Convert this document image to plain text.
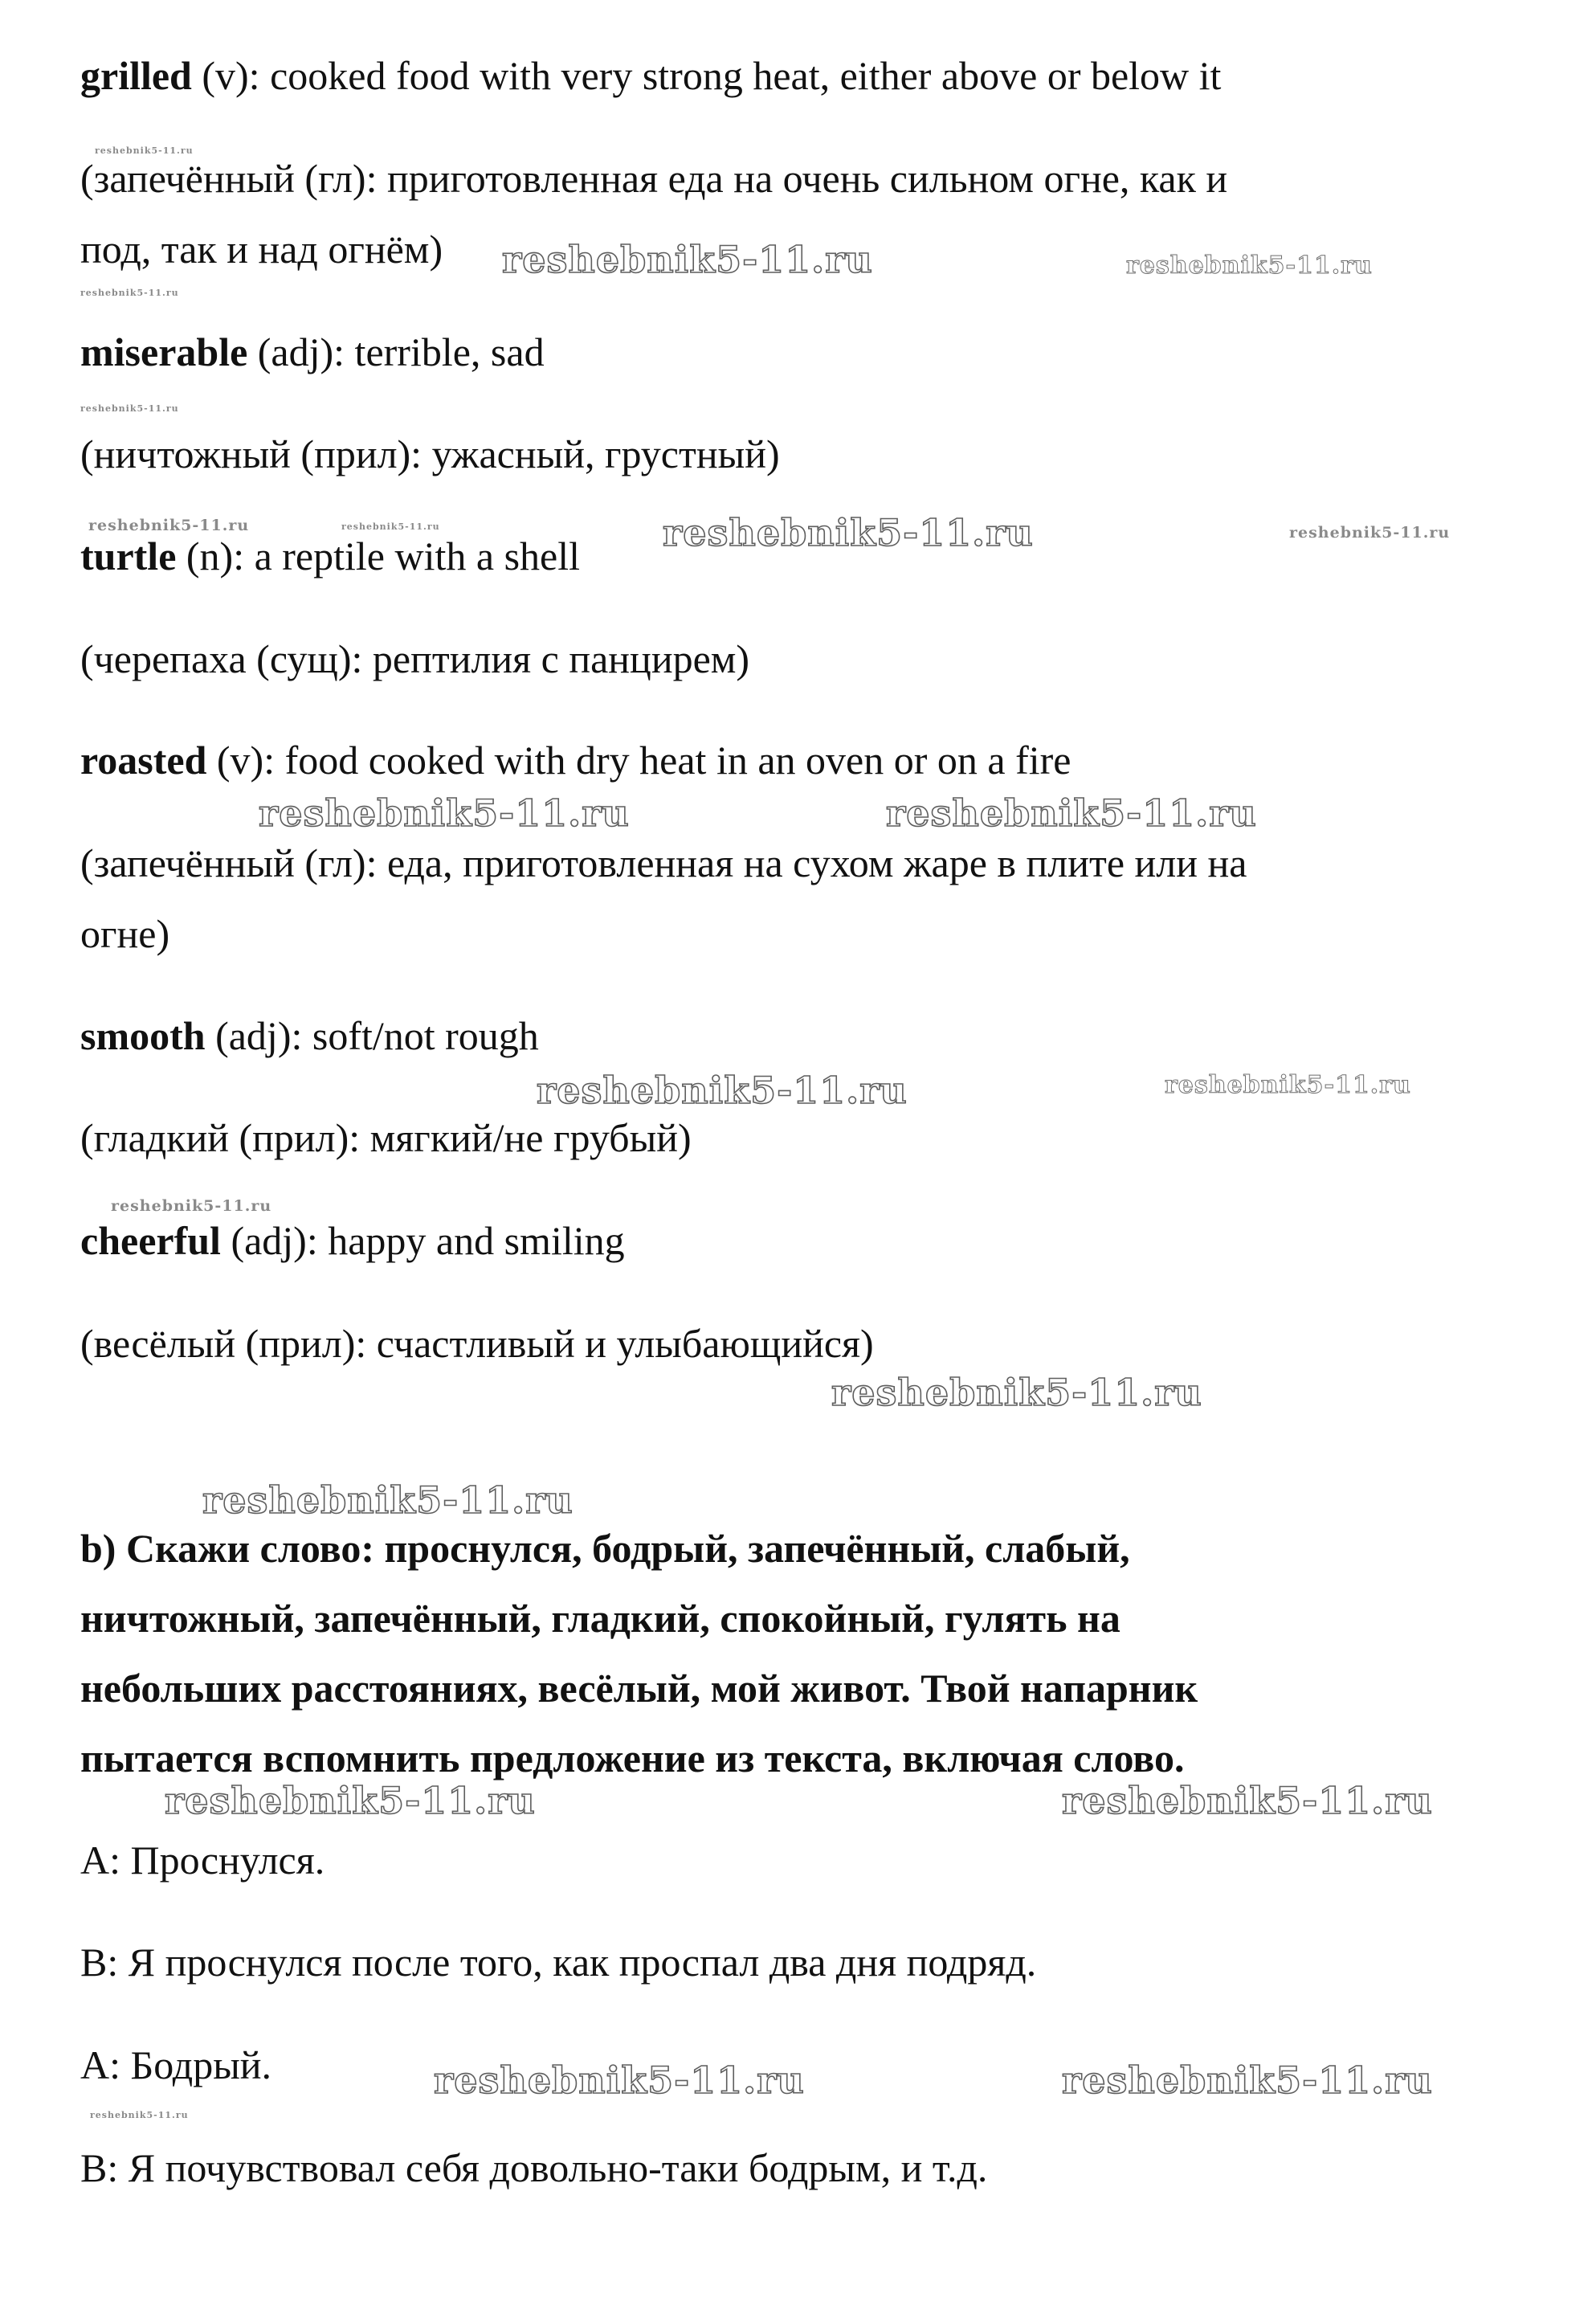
reshebnik5-11.ru
reshebnik5-11.ru	reshebnik5-11.ru
reshebnik5-11.ru
reshebnik5-11.ru
reshebnik5-11.ru	reshebnik5-11.ru	reshebnik5-11.ru	reshebnik5-11.ru
reshebnik5-11.ru	reshebnik5-11.ru
reshebnik5-11.ru	reshebnik5-11.ru
reshebnik5-11.ru
reshebnik5-11.ru
reshebnik5-11.ru
reshebnik5-11.ru	reshebnik5-11.ru
reshebnik5-11.ru	reshebnik5-11.ru
reshebnik5-11.ru

grilled (v): cooked food with very strong heat, either above or below it

(запечённый (гл): приготовленная еда на очень сильном огне, как и

под, так и над огнём)

miserable (adj): terrible, sad

(ничтожный (прил): ужасный, грустный)

turtle (n): a reptile with a shell

(черепаха (сущ): рептилия с панцирем)

roasted (v): food cooked with dry heat in an oven or on a fire

(запечённый (гл): еда, приготовленная на сухом жаре в плите или на

огне)

smooth (adj): soft/not rough

(гладкий (прил): мягкий/не грубый)

cheerful (adj): happy and smiling

(весёлый (прил): счастливый и улыбающийся)

b) Скажи слово: проснулся, бодрый, запечённый, слабый,

ничтожный, запечённый, гладкий, спокойный, гулять на

небольших расстояниях, весёлый, мой живот. Твой напарник

пытается вспомнить предложение из текста, включая слово.

A: Проснулся.

B: Я проснулся после того, как проспал два дня подряд.

A: Бодрый.

B: Я почувствовал себя довольно-таки бодрым, и т.д.
